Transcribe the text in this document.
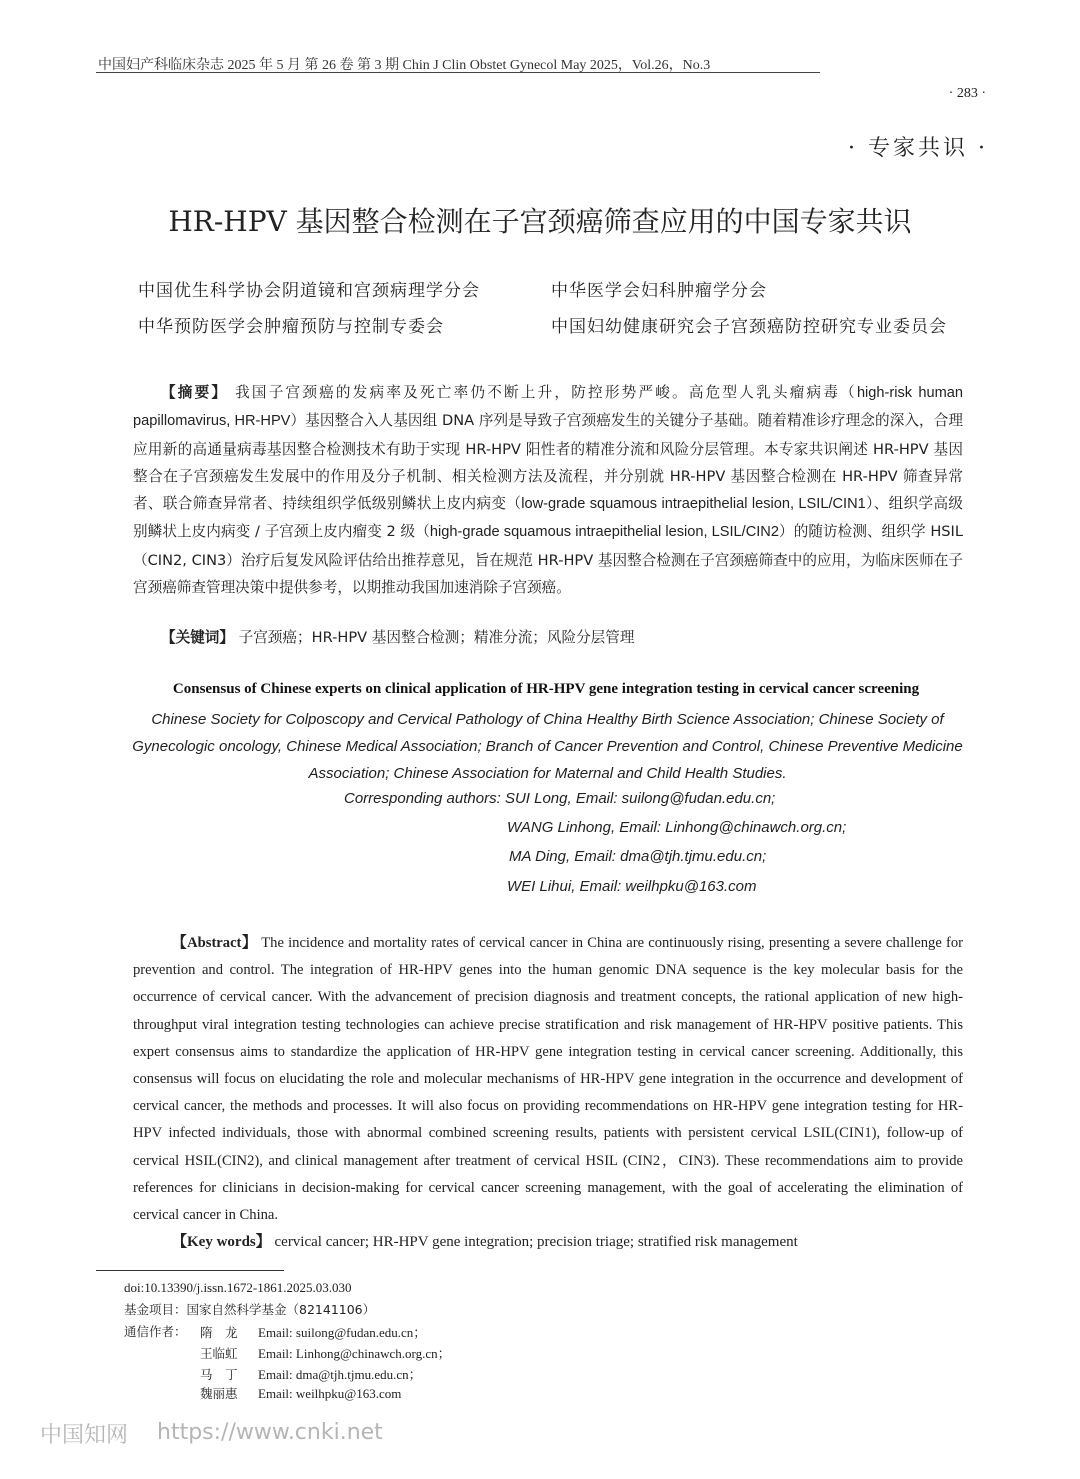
中国妇产科临床杂志 2025 年 5 月 第 26 卷 第 3 期 Chin J Clin Obstet Gynecol May 2025，Vol.26，No.3
· 283 ·
· 专家共识 ·
HR-HPV 基因整合检测在子宫颈癌筛查应用的中国专家共识
中国优生科学协会阴道镜和宫颈病理学分会	中华医学会妇科肿瘤学分会
中华预防医学会肿瘤预防与控制专委会	中国妇幼健康研究会子宫颈癌防控研究专业委员会
【摘要】 我国子宫颈癌的发病率及死亡率仍不断上升，防控形势严峻。高危型人乳头瘤病毒（high-risk human papillomavirus, HR-HPV）基因整合入人基因组 DNA 序列是导致子宫颈癌发生的关键分子基础。随着精准诊疗理念的深入，合理应用新的高通量病毒基因整合检测技术有助于实现 HR-HPV 阳性者的精准分流和风险分层管理。本专家共识阐述 HR-HPV 基因整合在子宫颈癌发生发展中的作用及分子机制、相关检测方法及流程，并分别就 HR-HPV 基因整合检测在 HR-HPV 筛查异常者、联合筛查异常者、持续组织学低级别鳞状上皮内病变（low-grade squamous intraepithelial lesion, LSIL/CIN1）、组织学高级别鳞状上皮内病变 / 子宫颈上皮内瘤变 2 级（high-grade squamous intraepithelial lesion, LSIL/CIN2）的随访检测、组织学 HSIL（CIN2, CIN3）治疗后复发风险评估给出推荐意见，旨在规范 HR-HPV 基因整合检测在子宫颈癌筛查中的应用，为临床医师在子宫颈癌筛查管理决策中提供参考，以期推动我国加速消除子宫颈癌。
【关键词】 子宫颈癌；HR-HPV 基因整合检测；精准分流；风险分层管理
Consensus of Chinese experts on clinical application of HR-HPV gene integration testing in cervical cancer screening
Chinese Society for Colposcopy and Cervical Pathology of China Healthy Birth Science Association; Chinese Society of Gynecologic oncology, Chinese Medical Association; Branch of Cancer Prevention and Control, Chinese Preventive Medicine Association; Chinese Association for Maternal and Child Health Studies.
Corresponding authors: SUI Long, Email: suilong@fudan.edu.cn;
WANG Linhong, Email: Linhong@chinawch.org.cn;
MA Ding, Email: dma@tjh.tjmu.edu.cn;
WEI Lihui, Email: weilhpku@163.com
【Abstract】 The incidence and mortality rates of cervical cancer in China are continuously rising, presenting a severe challenge for prevention and control. The integration of HR-HPV genes into the human genomic DNA sequence is the key molecular basis for the occurrence of cervical cancer. With the advancement of precision diagnosis and treatment concepts, the rational application of new high-throughput viral integration testing technologies can achieve precise stratification and risk management of HR-HPV positive patients. This expert consensus aims to standardize the application of HR-HPV gene integration testing in cervical cancer screening. Additionally, this consensus will focus on elucidating the role and molecular mechanisms of HR-HPV gene integration in the occurrence and development of cervical cancer, the methods and processes. It will also focus on providing recommendations on HR-HPV gene integration testing for HR-HPV infected individuals, those with abnormal combined screening results, patients with persistent cervical LSIL(CIN1), follow-up of cervical HSIL(CIN2), and clinical management after treatment of cervical HSIL (CIN2，CIN3). These recommendations aim to provide references for clinicians in decision-making for cervical cancer screening management, with the goal of accelerating the elimination of cervical cancer in China.
【Key words】 cervical cancer; HR-HPV gene integration; precision triage; stratified risk management
doi:10.13390/j.issn.1672-1861.2025.03.030
基金项目：国家自然科学基金（82141106）
通信作者： 隋　龙 Email: suilong@fudan.edu.cn；
王临虹 Email: Linhong@chinawch.org.cn；
马　丁 Email: dma@tjh.tjmu.edu.cn；
魏丽惠 Email: weilhpku@163.com
中国知网 https://www.cnki.net
